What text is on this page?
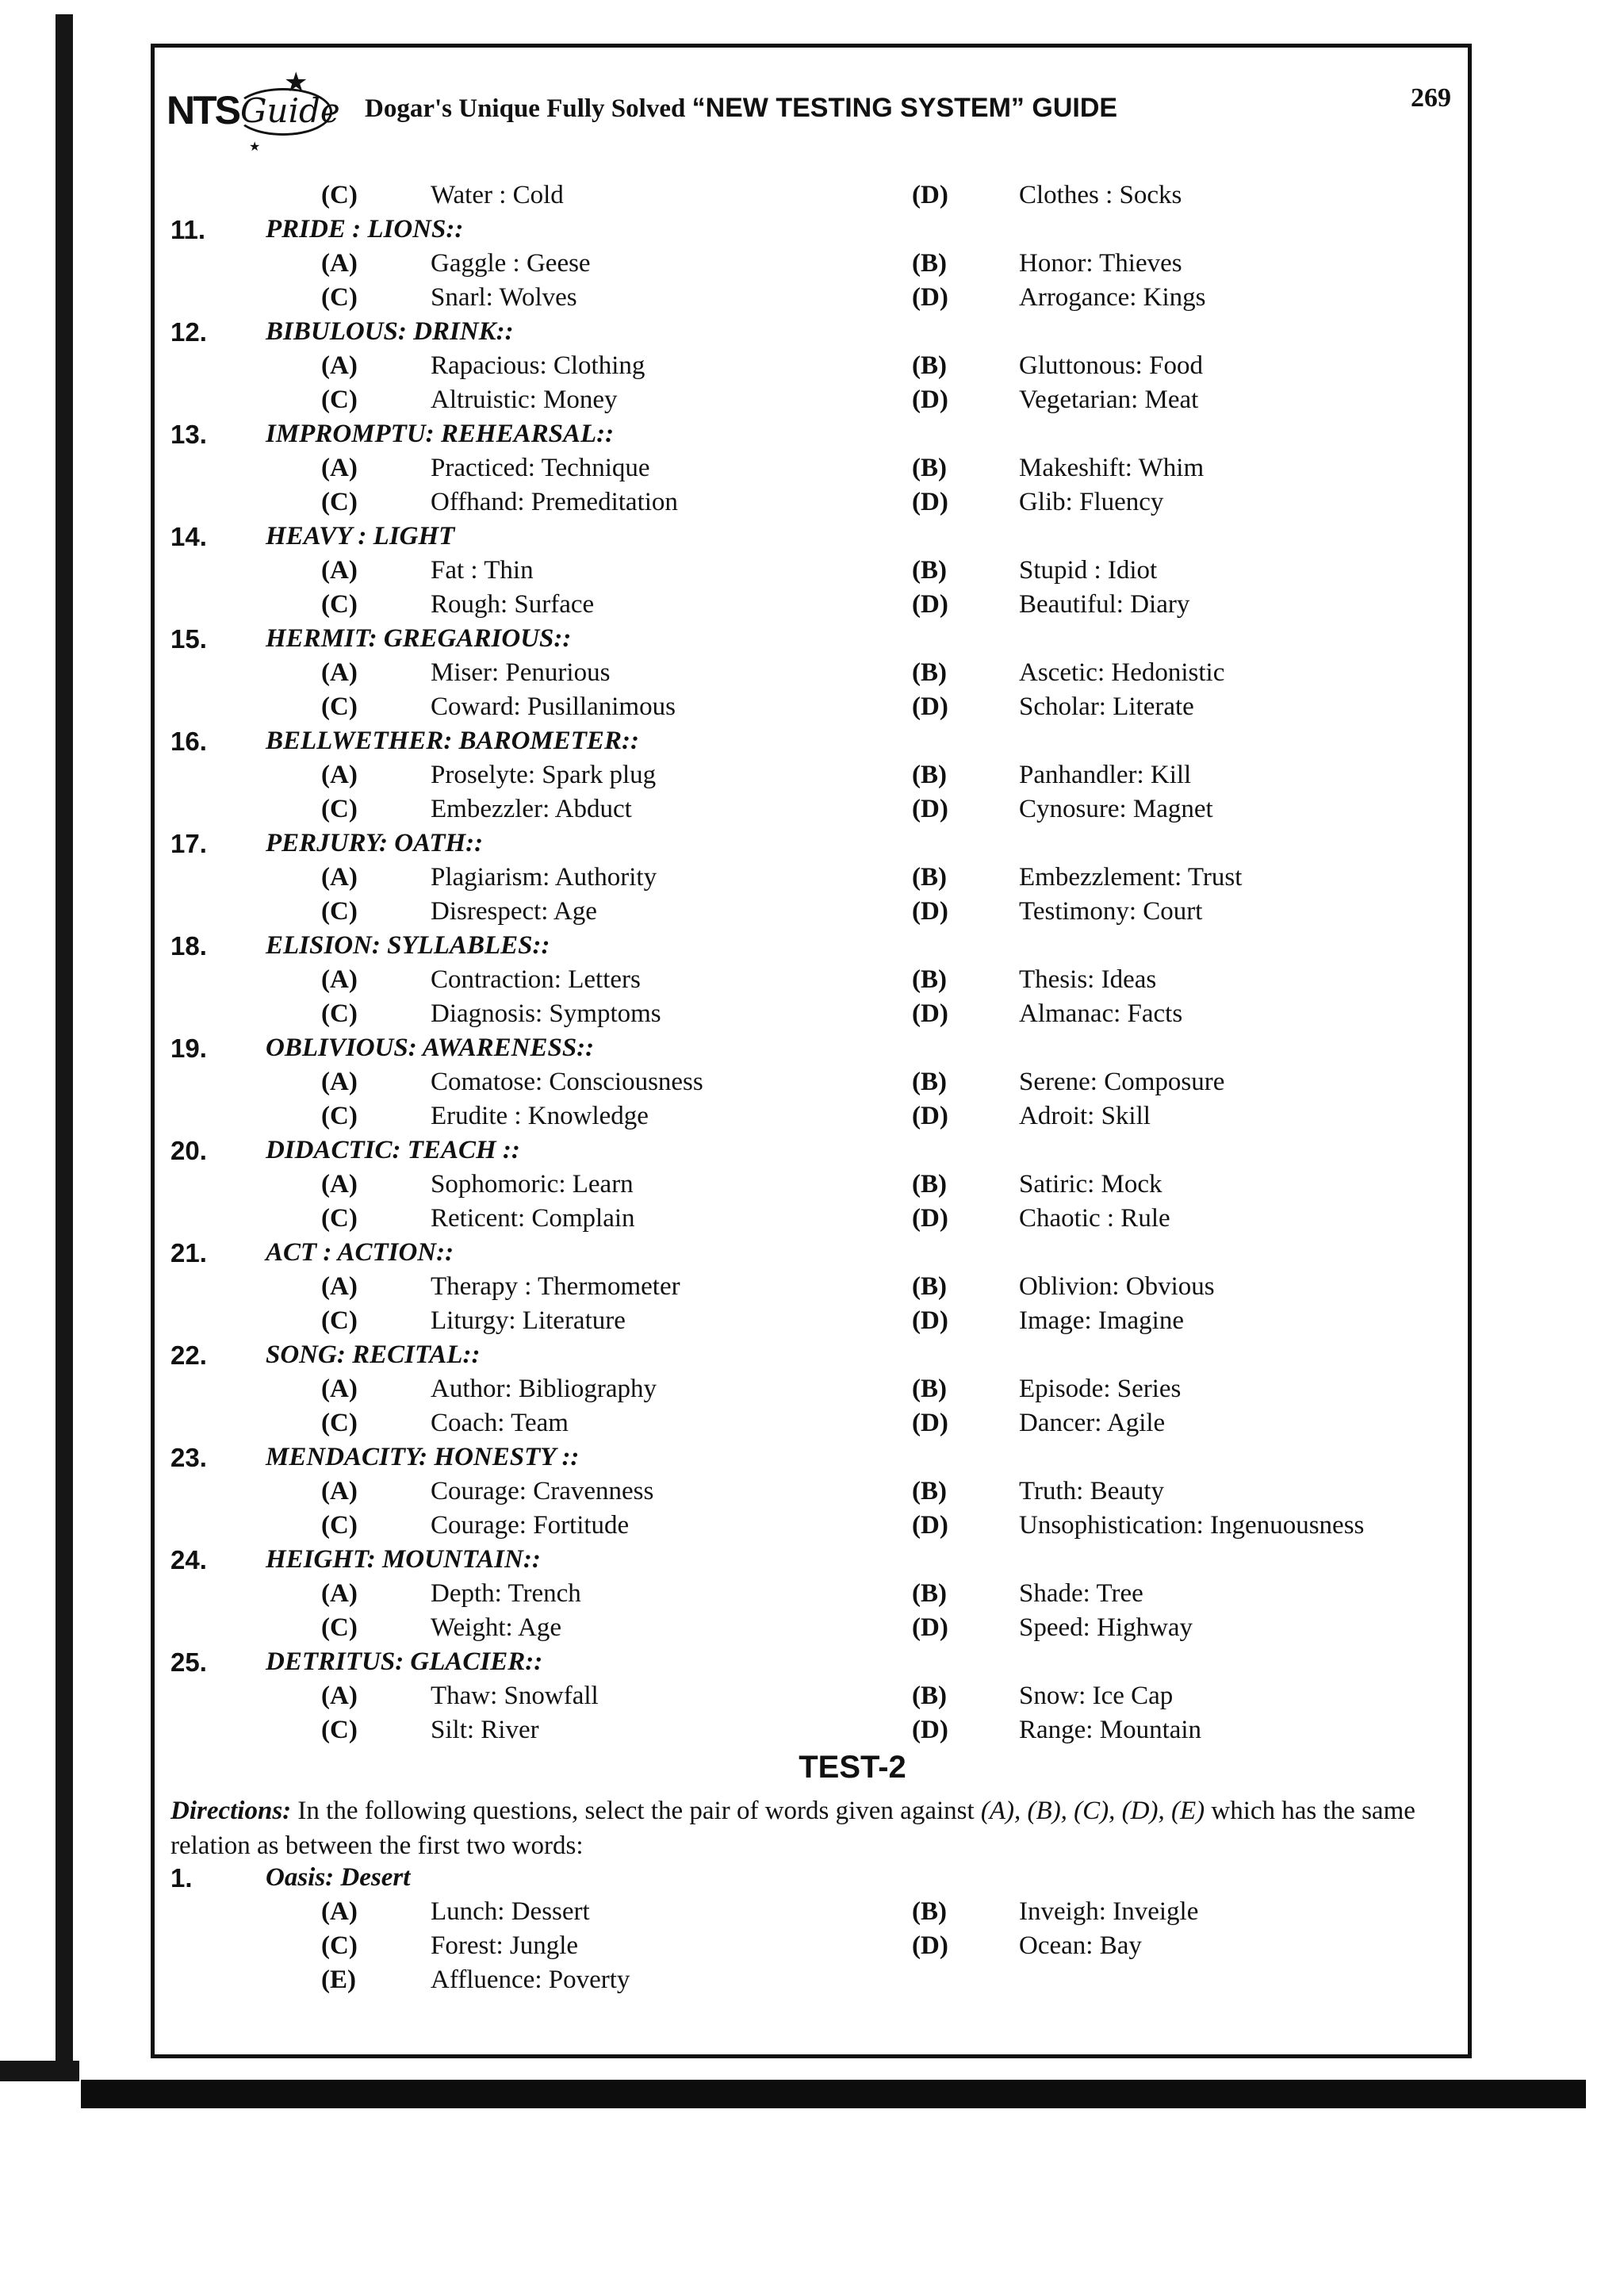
NTS Guide
★
★
Dogar's Unique Fully Solved “NEW TESTING SYSTEM” GUIDE	269
(C)	Water : Cold	(D)	Clothes : Socks
11. PRIDE : LIONS::
(A)	Gaggle : Geese	(B)	Honor: Thieves
(C)	Snarl: Wolves	(D)	Arrogance: Kings
12. BIBULOUS: DRINK::
(A)	Rapacious: Clothing	(B)	Gluttonous: Food
(C)	Altruistic: Money	(D)	Vegetarian: Meat
13. IMPROMPTU: REHEARSAL::
(A)	Practiced: Technique	(B)	Makeshift: Whim
(C)	Offhand: Premeditation	(D)	Glib: Fluency
14. HEAVY : LIGHT
(A)	Fat : Thin	(B)	Stupid : Idiot
(C)	Rough: Surface	(D)	Beautiful: Diary
15. HERMIT: GREGARIOUS::
(A)	Miser: Penurious	(B)	Ascetic: Hedonistic
(C)	Coward: Pusillanimous	(D)	Scholar: Literate
16. BELLWETHER: BAROMETER::
(A)	Proselyte: Spark plug	(B)	Panhandler: Kill
(C)	Embezzler: Abduct	(D)	Cynosure: Magnet
17. PERJURY: OATH::
(A)	Plagiarism: Authority	(B)	Embezzlement: Trust
(C)	Disrespect: Age	(D)	Testimony: Court
18. ELISION: SYLLABLES::
(A)	Contraction: Letters	(B)	Thesis: Ideas
(C)	Diagnosis: Symptoms	(D)	Almanac: Facts
19. OBLIVIOUS: AWARENESS::
(A)	Comatose: Consciousness	(B)	Serene: Composure
(C)	Erudite : Knowledge	(D)	Adroit: Skill
20. DIDACTIC: TEACH ::
(A)	Sophomoric: Learn	(B)	Satiric: Mock
(C)	Reticent: Complain	(D)	Chaotic : Rule
21. ACT : ACTION::
(A)	Therapy : Thermometer	(B)	Oblivion: Obvious
(C)	Liturgy: Literature	(D)	Image: Imagine
22. SONG: RECITAL::
(A)	Author: Bibliography	(B)	Episode: Series
(C)	Coach: Team	(D)	Dancer: Agile
23. MENDACITY: HONESTY ::
(A)	Courage: Cravenness	(B)	Truth: Beauty
(C)	Courage: Fortitude	(D)	Unsophistication: Ingenuousness
24. HEIGHT: MOUNTAIN::
(A)	Depth: Trench	(B)	Shade: Tree
(C)	Weight: Age	(D)	Speed: Highway
25. DETRITUS: GLACIER::
(A)	Thaw: Snowfall	(B)	Snow: Ice Cap
(C)	Silt: River	(D)	Range: Mountain
TEST-2
Directions: In the following questions, select the pair of words given against (A), (B), (C), (D), (E) which has the same relation as between the first two words:
1.	Oasis: Desert
(A)	Lunch: Dessert	(B)	Inveigh: Inveigle
(C)	Forest: Jungle	(D)	Ocean: Bay
(E)	Affluence: Poverty
